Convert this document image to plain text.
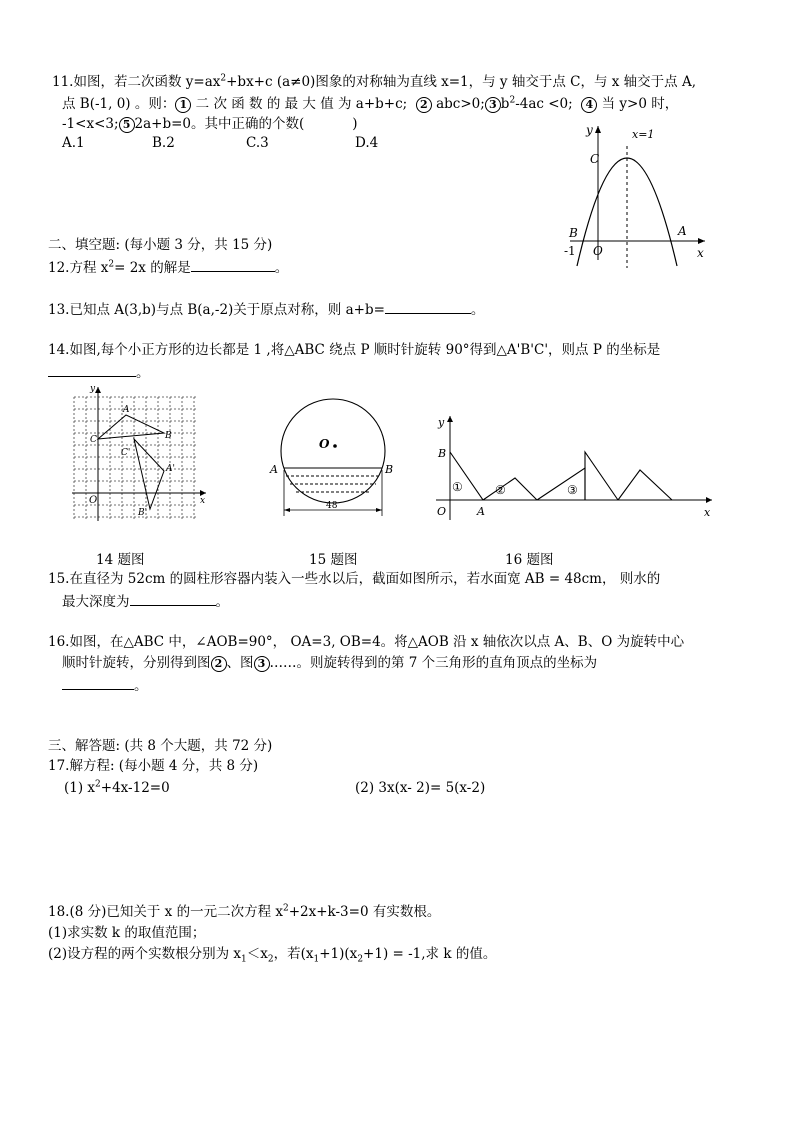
11.如图，若二次函数 $y=ax^2+bx+c$ (a≠0)图象的对称轴为直线 x=1，与 y 轴交于点 C，与 x 轴交于点 A,
点 B(-1, 0) 。则： 1 二 次 函 数 的 最 大 值 为 a+b+c; 2 abc>0; 3 $b^2-4ac <0$; 4 当 y>0 时，
-1<x<3; 5 2a+b=0。其中正确的个数(	)
A.1	B.2	C.3	D.4
y	x=1
C
B	A
O
-1	x
二、填空题: (每小题 3 分，共 15 分)
12.方程 $x^2= 2x$ 的解是	。
13.已知点 A(3,b)与点 B(a,-2)关于原点对称，则 a+b=	。
14.如图,每个小正方形的边长都是 1 ,将△ABC 绕点 P 顺时针旋转 90°得到△A'B'C'，则点 P 的坐标是
。
y
x
O
A
B
C
A'
B'
C'
O
A	B
48
y
x
O	A
B
①	②	③
14 题图	15 题图	16 题图
15.在直径为 52cm 的圆柱形容器内装入一些水以后，截面如图所示，若水面宽 AB = 48cm， 则水的
最大深度为	。
16.如图，在△ABC 中，∠AOB=90°， OA=3, OB=4。将△AOB 沿 x 轴依次以点 A、B、O 为旋转中心
顺时针旋转，分别得到图 2 、图 3 ……。则旋转得到的第 7 个三角形的直角顶点的坐标为
。
三、解答题: (共 8 个大题，共 72 分)
17.解方程: (每小题 4 分，共 8 分)
(1) $x^2+4x-12=0$	(2) 3x(x- 2)= 5(x-2)
18.(8 分)已知关于 x 的一元二次方程 $x^2+2x+k-3=0$ 有实数根。
(1)求实数 k 的取值范围；
(2)设方程的两个实数根分别为 $x_1<x_2$，若$(x_1+1)(x_2+1) = -1$,求 k 的值。
